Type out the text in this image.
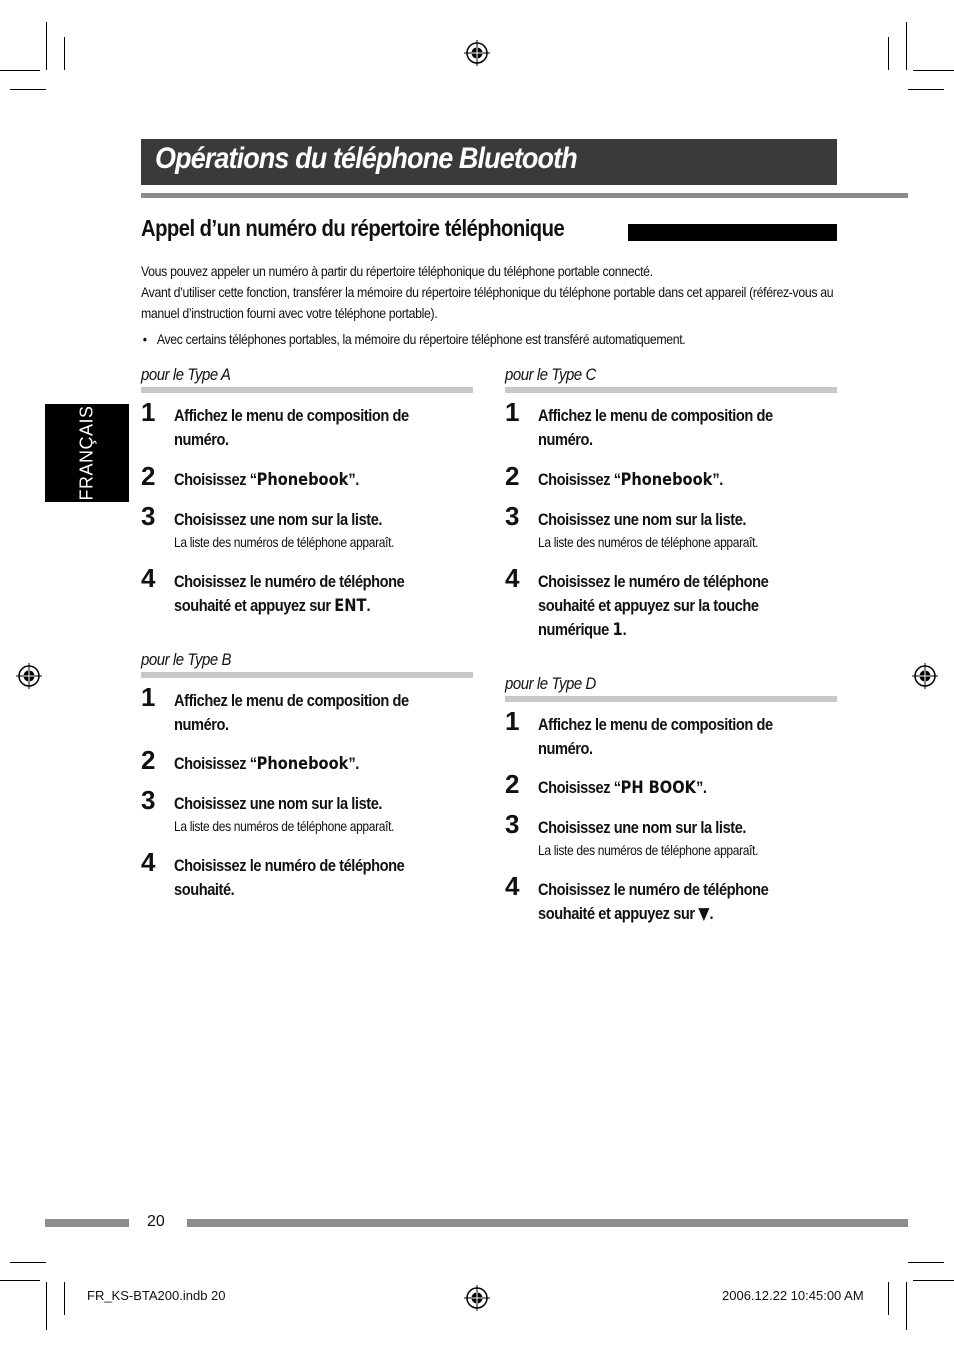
Opérations du téléphone Bluetooth
Appel d’un numéro du répertoire téléphonique

Vous pouvez appeler un numéro à partir du répertoire téléphonique du téléphone portable connecté.

Avant d’utiliser cette fonction, transférer la mémoire du répertoire téléphonique du téléphone portable dans cet appareil (référez-vous au manuel d’instruction fourni avec votre téléphone portable).

• Avec certains téléphones portables, la mémoire du répertoire téléphone est transféré automatiquement.

FRANÇAIS
pour le Type A
1 Affichez le menu de composition de numéro.
2 Choisissez “Phonebook”.
3 Choisissez une nom sur la liste.
La liste des numéros de téléphone apparaît.
4 Choisissez le numéro de téléphone souhaité et appuyez sur ENT.
pour le Type B
1 Affichez le menu de composition de numéro.
2 Choisissez “Phonebook”.
3 Choisissez une nom sur la liste.
La liste des numéros de téléphone apparaît.
4 Choisissez le numéro de téléphone souhaité.
pour le Type C
1 Affichez le menu de composition de numéro.
2 Choisissez “Phonebook”.
3 Choisissez une nom sur la liste.
La liste des numéros de téléphone apparaît.
4 Choisissez le numéro de téléphone souhaité et appuyez sur la touche numérique 1.
pour le Type D
1 Affichez le menu de composition de numéro.
2 Choisissez “PH BOOK”.
3 Choisissez une nom sur la liste.
La liste des numéros de téléphone apparaît.
4 Choisissez le numéro de téléphone souhaité et appuyez sur ▼.
20
FR_KS-BTA200.indb 20	2006.12.22 10:45:00 AM
